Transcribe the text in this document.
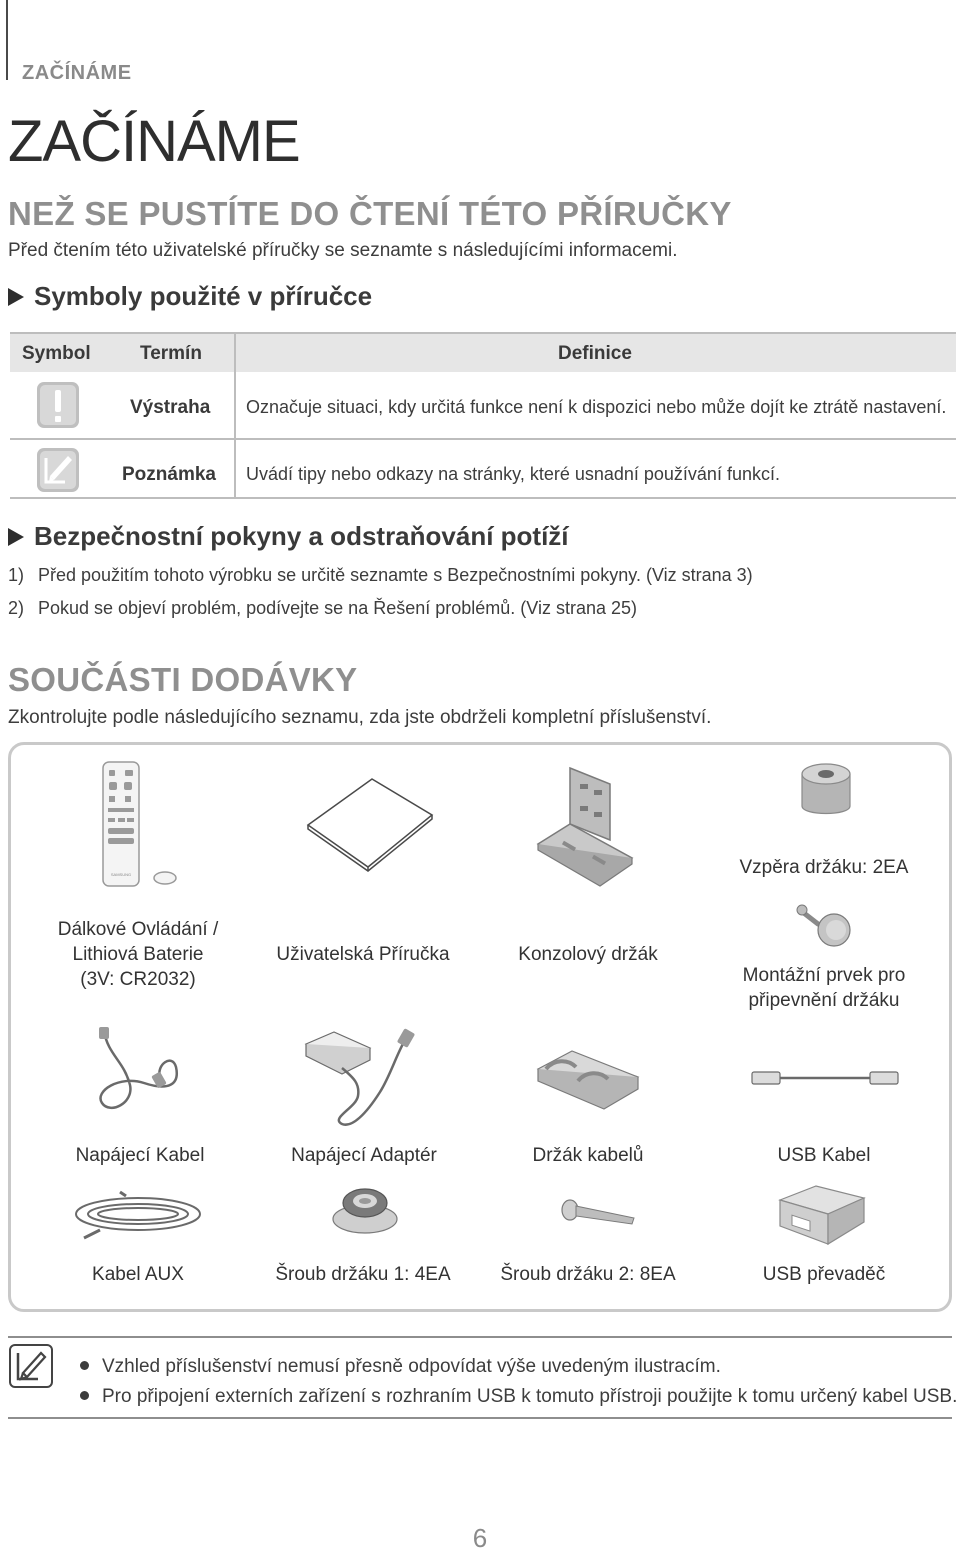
ZAČÍNÁME
ZAČÍNÁME
NEŽ SE PUSTÍTE DO ČTENÍ TÉTO PŘÍRUČKY
Před čtením této uživatelské příručky se seznamte s následujícími informacemi.
Symboly použité v příručce
Symbol	Termín	Definice
Výstraha Označuje situaci, kdy určitá funkce není k dispozici nebo může dojít ke ztrátě nastavení.
Poznámka Uvádí tipy nebo odkazy na stránky, které usnadní používání funkcí.
Bezpečnostní pokyny a odstraňování potíží
1) Před použitím tohoto výrobku se určitě seznamte s Bezpečnostními pokyny. (Viz strana 3)
2) Pokud se objeví problém, podívejte se na Řešení problémů. (Viz strana 25)
SOUČÁSTI DODÁVKY
Zkontrolujte podle následujícího seznamu, zda jste obdrželi kompletní příslušenství.
SAMSUNG
Dálkové Ovládání /
Lithiová Baterie
(3V: CR2032)
Uživatelská Příručka	Konzolový držák
Vzpěra držáku: 2EA
Montážní prvek pro
připevnění držáku
Napájecí Kabel	Napájecí Adaptér	Držák kabelů	USB Kabel
Kabel AUX	Šroub držáku 1: 4EA	Šroub držáku 2: 8EA	USB převaděč
Vzhled příslušenství nemusí přesně odpovídat výše uvedeným ilustracím.
Pro připojení externích zařízení s rozhraním USB k tomuto přístroji použijte k tomu určený kabel USB.
6
